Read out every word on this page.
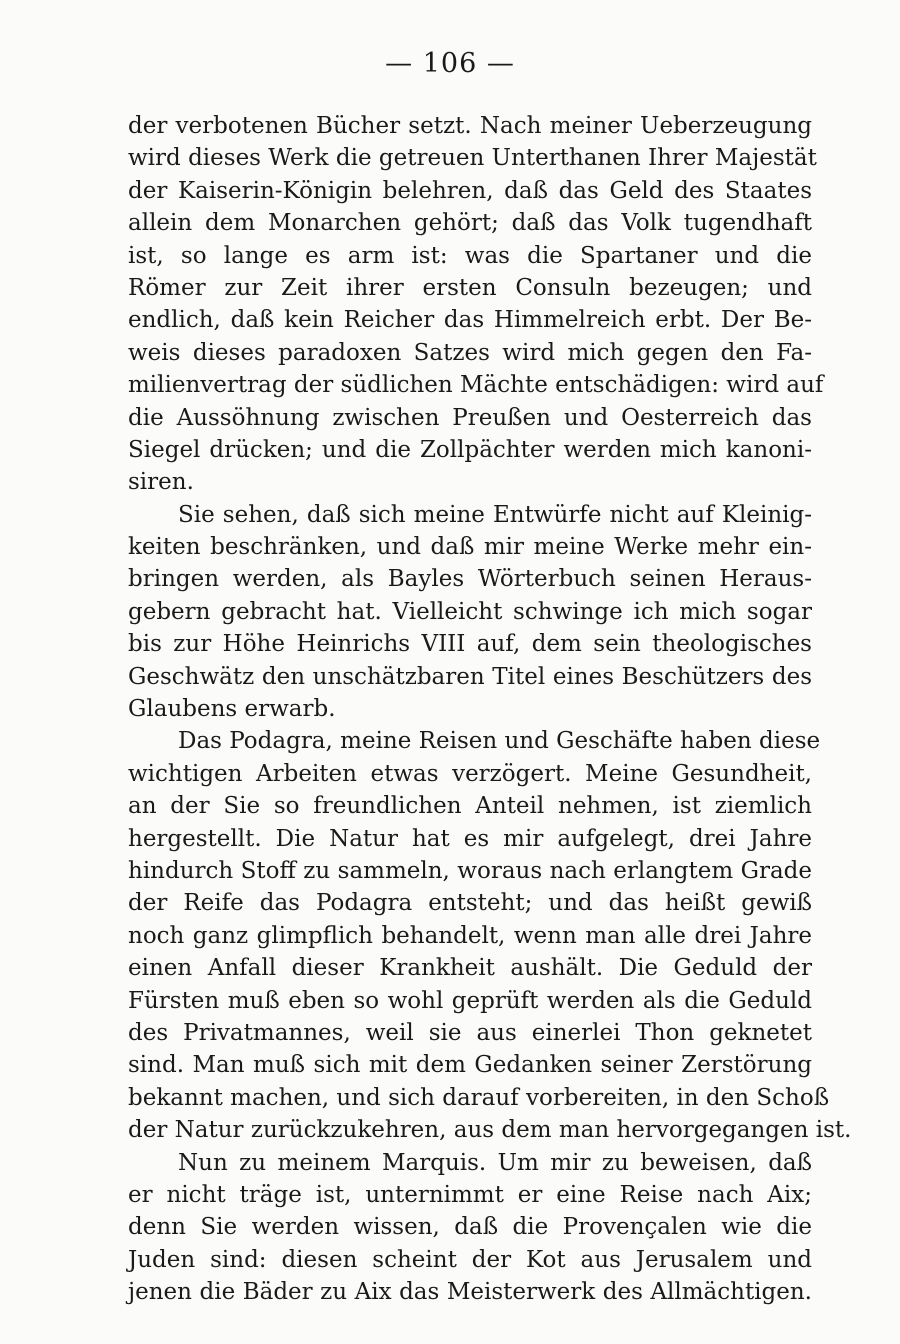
— 106 —
der verbotenen Bücher setzt. Nach meiner Ueberzeugung
wird dieses Werk die getreuen Unterthanen Ihrer Majestät
der Kaiserin-Königin belehren, daß das Geld des Staates
allein dem Monarchen gehört; daß das Volk tugendhaft
ist, so lange es arm ist: was die Spartaner und die
Römer zur Zeit ihrer ersten Consuln bezeugen; und
endlich, daß kein Reicher das Himmelreich erbt. Der Be-
weis dieses paradoxen Satzes wird mich gegen den Fa-
milienvertrag der südlichen Mächte entschädigen: wird auf
die Aussöhnung zwischen Preußen und Oesterreich das
Siegel drücken; und die Zollpächter werden mich kanoni-
siren.
Sie sehen, daß sich meine Entwürfe nicht auf Kleinig-
keiten beschränken, und daß mir meine Werke mehr ein-
bringen werden, als Bayles Wörterbuch seinen Heraus-
gebern gebracht hat. Vielleicht schwinge ich mich sogar
bis zur Höhe Heinrichs VIII auf, dem sein theologisches
Geschwätz den unschätzbaren Titel eines Beschützers des
Glaubens erwarb.
Das Podagra, meine Reisen und Geschäfte haben diese
wichtigen Arbeiten etwas verzögert. Meine Gesundheit,
an der Sie so freundlichen Anteil nehmen, ist ziemlich
hergestellt. Die Natur hat es mir aufgelegt, drei Jahre
hindurch Stoff zu sammeln, woraus nach erlangtem Grade
der Reife das Podagra entsteht; und das heißt gewiß
noch ganz glimpflich behandelt, wenn man alle drei Jahre
einen Anfall dieser Krankheit aushält. Die Geduld der
Fürsten muß eben so wohl geprüft werden als die Geduld
des Privatmannes, weil sie aus einerlei Thon geknetet
sind. Man muß sich mit dem Gedanken seiner Zerstörung
bekannt machen, und sich darauf vorbereiten, in den Schoß
der Natur zurückzukehren, aus dem man hervorgegangen ist.
Nun zu meinem Marquis. Um mir zu beweisen, daß
er nicht träge ist, unternimmt er eine Reise nach Aix;
denn Sie werden wissen, daß die Provençalen wie die
Juden sind: diesen scheint der Kot aus Jerusalem und
jenen die Bäder zu Aix das Meisterwerk des Allmächtigen.
